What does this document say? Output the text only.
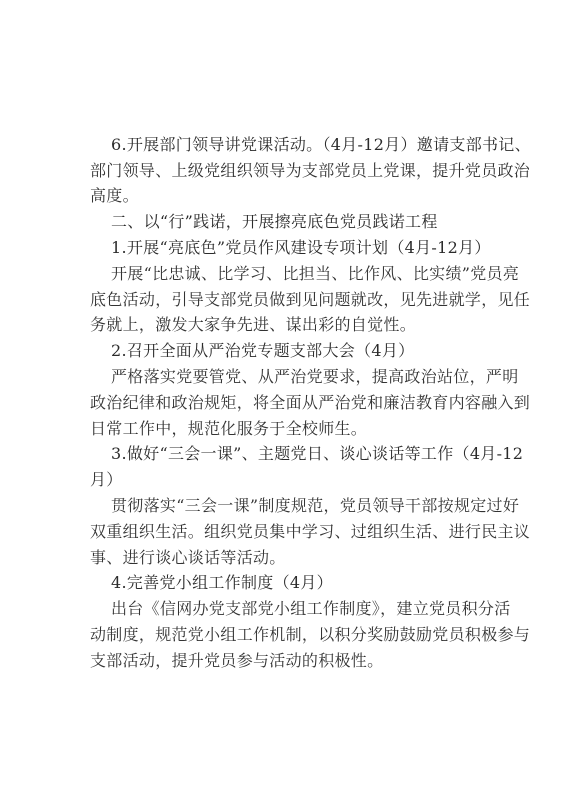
6.开展部门领导讲党课活动。（4月-12月）邀请支部书记、
部门领导、上级党组织领导为支部党员上党课，提升党员政治
高度。
二、以“行”践诺，开展擦亮底色党员践诺工程
1.开展“亮底色”党员作风建设专项计划（4月-12月）
开展“比忠诚、比学习、比担当、比作风、比实绩”党员亮
底色活动，引导支部党员做到见问题就改，见先进就学，见任
务就上，激发大家争先进、谋出彩的自觉性。
2.召开全面从严治党专题支部大会（4月）
严格落实党要管党、从严治党要求，提高政治站位，严明
政治纪律和政治规矩，将全面从严治党和廉洁教育内容融入到
日常工作中，规范化服务于全校师生。
3.做好“三会一课”、主题党日、谈心谈话等工作（4月-12
月）
贯彻落实“三会一课”制度规范，党员领导干部按规定过好
双重组织生活。组织党员集中学习、过组织生活、进行民主议
事、进行谈心谈话等活动。
4.完善党小组工作制度（4月）
出台《信网办党支部党小组工作制度》，建立党员积分活
动制度，规范党小组工作机制，以积分奖励鼓励党员积极参与
支部活动，提升党员参与活动的积极性。
